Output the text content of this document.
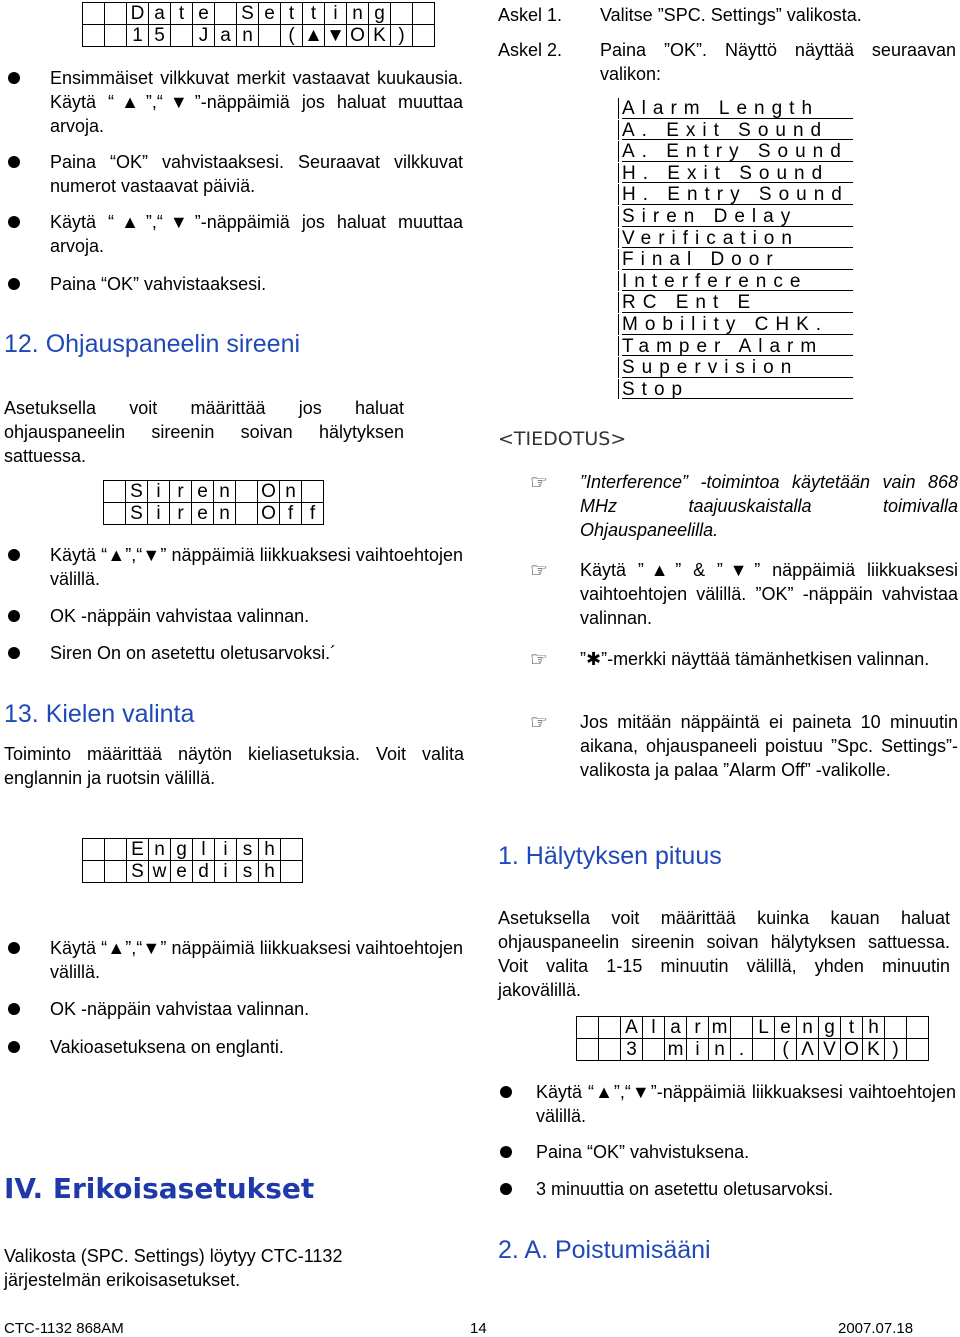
		D	a	t	e		S	e	t	t	i	n	g		
		1	5		J	a	n		(	▲	▼	O	K	)	
Ensimmäiset vilkkuvat merkit vastaavat kuukausia. Käytä “▲”,“▼”-näppäimiä jos haluat muuttaa arvoja.
Paina “OK” vahvistaaksesi. Seuraavat vilkkuvat numerot vastaavat päiviä.
Käytä “▲”,“▼”-näppäimiä jos haluat muuttaa arvoja.
Paina “OK” vahvistaaksesi.
12. Ohjauspaneelin sireeni
Asetuksella voit määrittää jos haluat ohjauspaneelin sireenin soivan hälytyksen sattuessa.
	S	i	r	e	n		O	n	
	S	i	r	e	n		O	f	f
Käytä “▲”,“▼” näppäimiä liikkuaksesi vaihtoehtojen välillä.
OK -näppäin vahvistaa valinnan.
Siren On on asetettu oletusarvoksi.´
13. Kielen valinta
Toiminto määrittää näytön kieliasetuksia. Voit valita englannin ja ruotsin välillä.
		E	n	g	l	i	s	h	
		S	w	e	d	i	s	h	
Käytä “▲”,“▼” näppäimiä liikkuaksesi vaihtoehtojen välillä.
OK -näppäin vahvistaa valinnan.
Vakioasetuksena on englanti.
IV. Erikoisasetukset
Valikosta (SPC. Settings) löytyy CTC-1132 järjestelmän erikoisasetukset.
Askel 1. Valitse ”SPC. Settings” valikosta.
Askel 2. Paina ”OK”. Näyttö näyttää seuraavan valikon:
Alarm Length
A. Exit Sound
A. Entry Sound
H. Exit Sound
H. Entry Sound
Siren Delay
Verification
Final Door
Interference
RC Ent E
Mobility CHK.
Tamper Alarm
Supervision
Stop
<TIEDOTUS>
☞ ”Interference” -toimintoa käytetään vain 868 MHz taajuuskaistalla toimivalla Ohjauspaneelilla.
☞ Käytä ”▲” & ”▼” näppäimiä liikkuaksesi vaihtoehtojen välillä. ”OK” -näppäin vahvistaa valinnan.
☞ ”✱”-merkki näyttää tämänhetkisen valinnan.
☞ Jos mitään näppäintä ei paineta 10 minuutin aikana, ohjauspaneeli poistuu ”Spc. Settings”-valikosta ja palaa ”Alarm Off” -valikolle.
1. Hälytyksen pituus
Asetuksella voit määrittää kuinka kauan haluat ohjauspaneelin sireenin soivan hälytyksen sattuessa. Voit valita 1-15 minuutin välillä, yhden minuutin jakovälillä.
		A	l	a	r	m		L	e	n	g	t	h		
		3		m	i	n	.		(	Λ	V	O	K	)	
Käytä “▲”,“▼”-näppäimiä liikkuaksesi vaihtoehtojen välillä.
Paina “OK” vahvistuksena.
3 minuuttia on asetettu oletusarvoksi.
2. A. Poistumisääni
CTC-1132 868AM	14	2007.07.18
